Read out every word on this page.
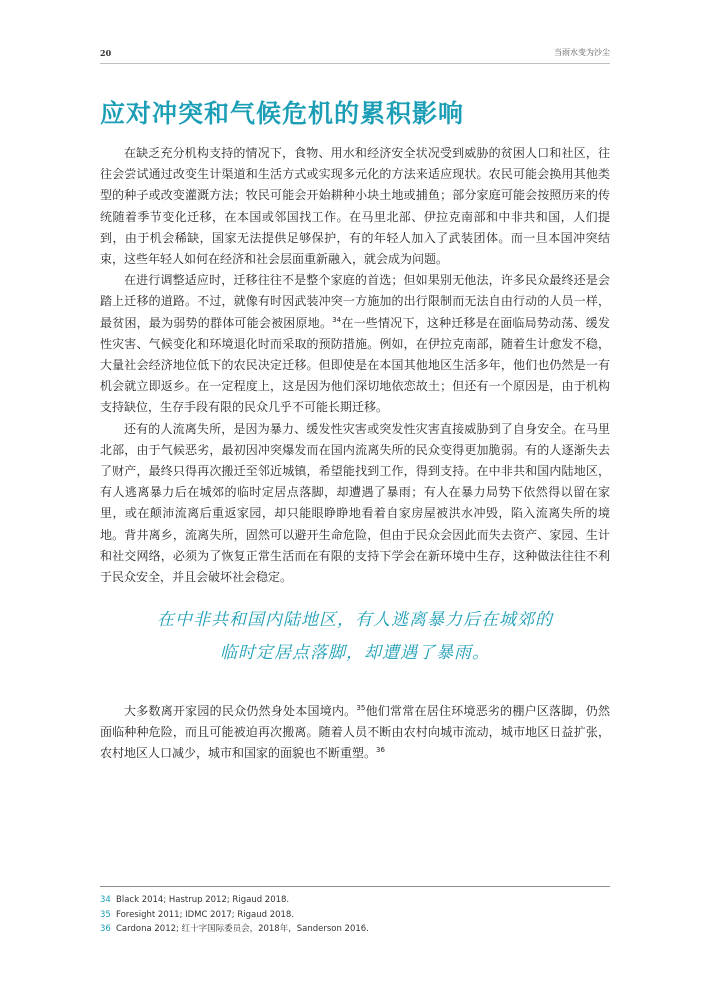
20	当雨水变为沙尘
应对冲突和气候危机的累积影响

在缺乏充分机构支持的情况下，食物、用水和经济安全状况受到威胁的贫困人口和社区，往往会尝试通过改变生计渠道和生活方式或实现多元化的方法来适应现状。农民可能会换用其他类型的种子或改变灌溉方法；牧民可能会开始耕种小块土地或捕鱼；部分家庭可能会按照历来的传统随着季节变化迁移，在本国或邻国找工作。在马里北部、伊拉克南部和中非共和国，人们提到，由于机会稀缺，国家无法提供足够保护，有的年轻人加入了武装团体。而一旦本国冲突结束，这些年轻人如何在经济和社会层面重新融入，就会成为问题。

在进行调整适应时，迁移往往不是整个家庭的首选；但如果别无他法，许多民众最终还是会踏上迁移的道路。不过，就像有时因武装冲突一方施加的出行限制而无法自由行动的人员一样，最贫困，最为弱势的群体可能会被困原地。$^{34}$在一些情况下，这种迁移是在面临局势动荡、缓发性灾害、气候变化和环境退化时而采取的预防措施。例如，在伊拉克南部，随着生计愈发不稳，大量社会经济地位低下的农民决定迁移。但即使是在本国其他地区生活多年，他们也仍然是一有机会就立即返乡。在一定程度上，这是因为他们深切地依恋故土；但还有一个原因是，由于机构支持缺位，生存手段有限的民众几乎不可能长期迁移。

还有的人流离失所，是因为暴力、缓发性灾害或突发性灾害直接威胁到了自身安全。在马里北部，由于气候恶劣，最初因冲突爆发而在国内流离失所的民众变得更加脆弱。有的人逐渐失去了财产，最终只得再次搬迁至邻近城镇，希望能找到工作，得到支持。在中非共和国内陆地区，有人逃离暴力后在城郊的临时定居点落脚，却遭遇了暴雨；有人在暴力局势下依然得以留在家里，或在颠沛流离后重返家园，却只能眼睁睁地看着自家房屋被洪水冲毁，陷入流离失所的境地。背井离乡，流离失所，固然可以避开生命危险，但由于民众会因此而失去资产、家园、生计和社交网络，必须为了恢复正常生活而在有限的支持下学会在新环境中生存，这种做法往往不利于民众安全，并且会破坏社会稳定。

在中非共和国内陆地区，有人逃离暴力后在城郊的
临时定居点落脚，却遭遇了暴雨。

大多数离开家园的民众仍然身处本国境内。$^{35}$他们常常在居住环境恶劣的棚户区落脚，仍然面临种种危险，而且可能被迫再次搬离。随着人员不断由农村向城市流动，城市地区日益扩张，农村地区人口减少，城市和国家的面貌也不断重塑。$^{36}$

34 Black 2014; Hastrup 2012; Rigaud 2018.
35 Foresight 2011; IDMC 2017; Rigaud 2018.
36 Cardona 2012; 红十字国际委员会，2018年，Sanderson 2016.
